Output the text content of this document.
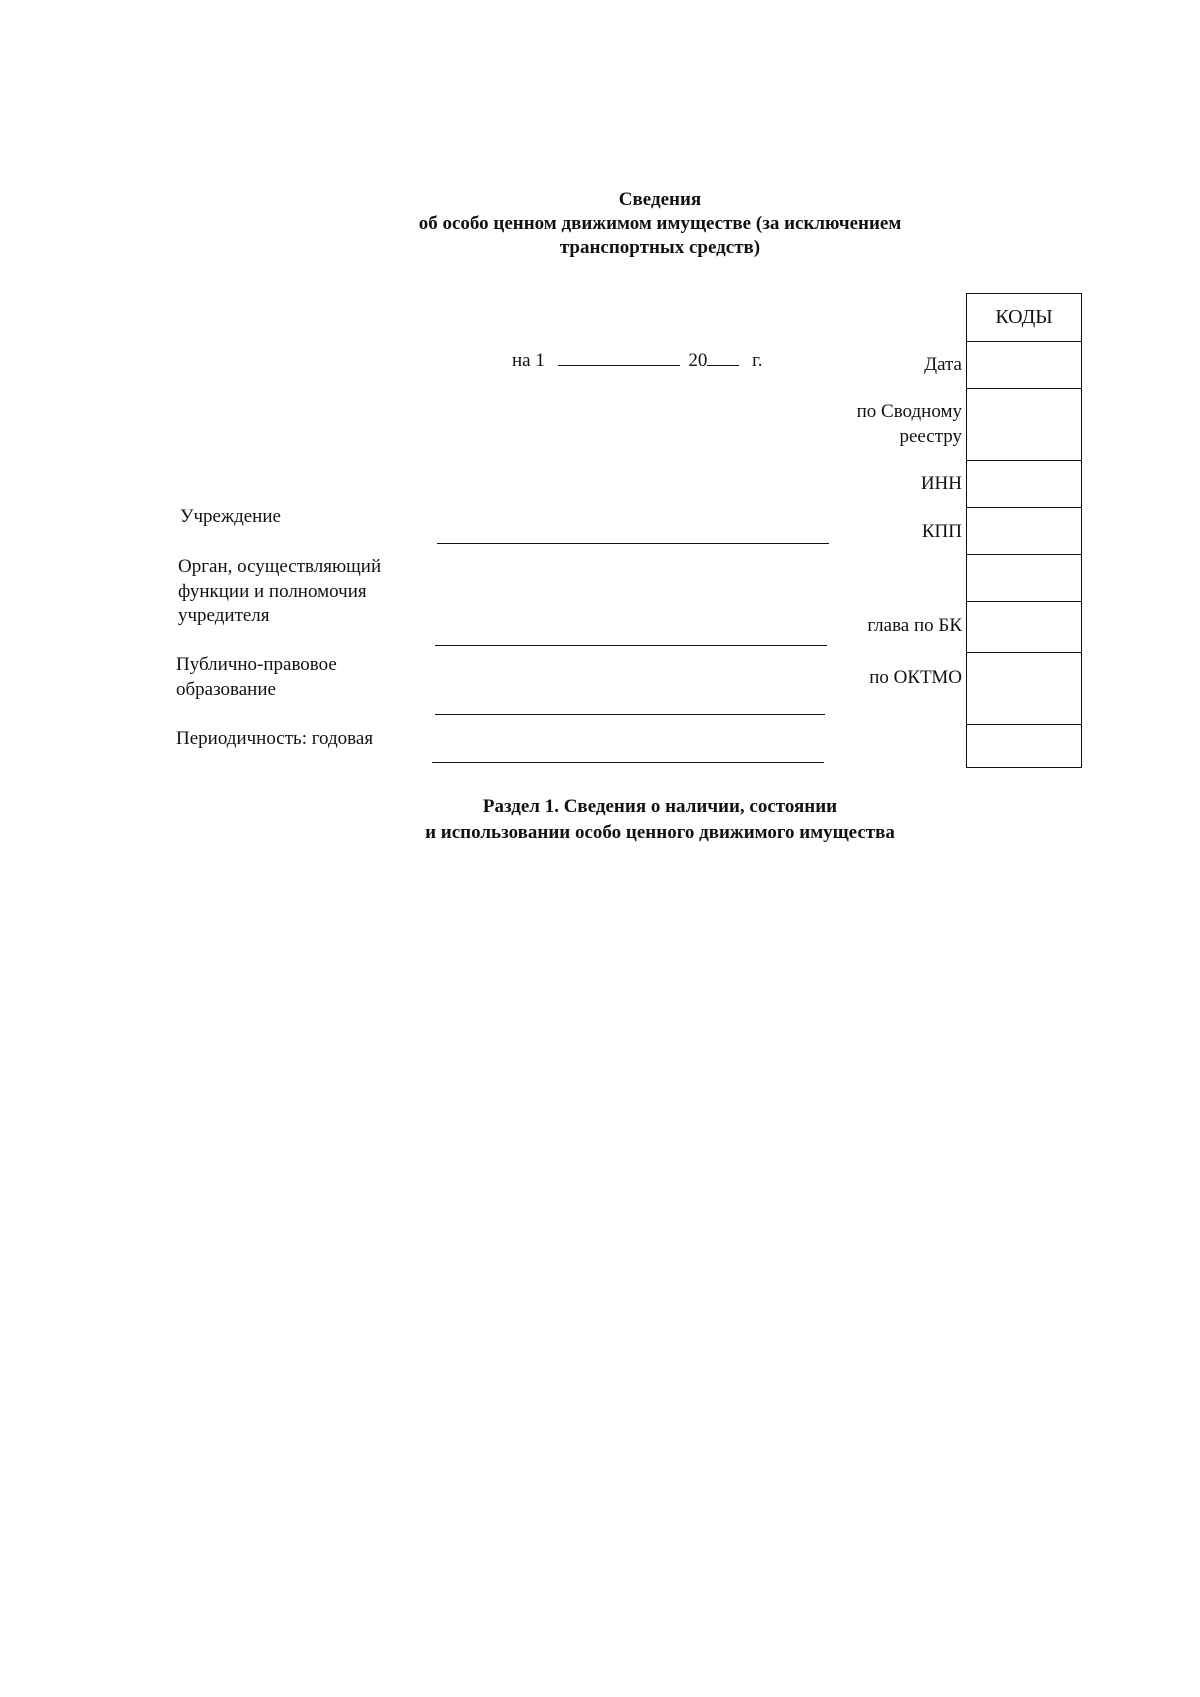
Сведения
об особо ценном движимом имуществе (за исключением
транспортных средств)
на 1	20 г.	Дата
по Сводному
реестру
ИНН
КПП
глава по БК
по ОКТМО
КОДЫ
Учреждение
Орган, осуществляющий
функции и полномочия
учредителя
Публично-правовое
образование
Периодичность: годовая
Раздел 1. Сведения о наличии, состоянии
и использовании особо ценного движимого имущества
